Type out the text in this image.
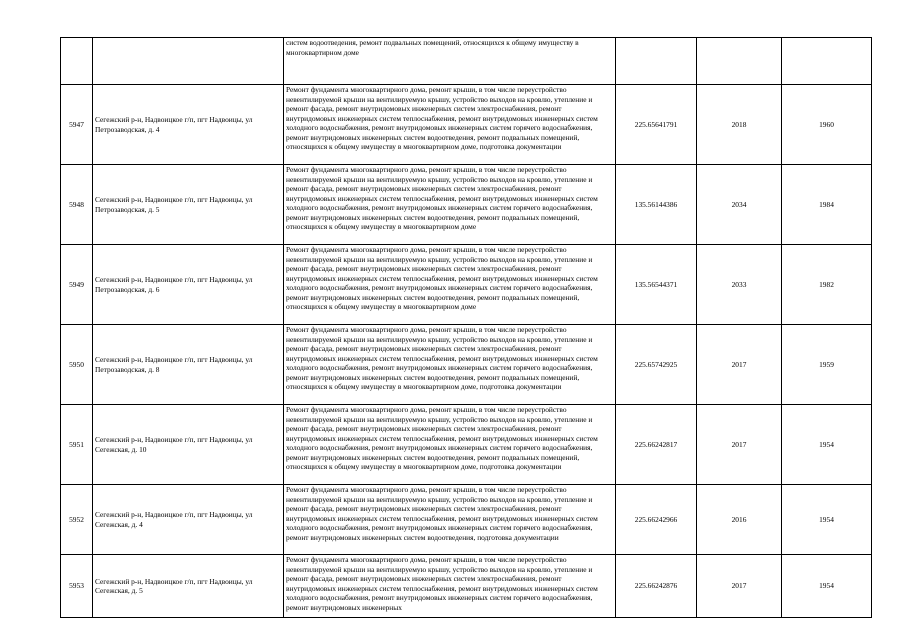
		систем водоотведения, ремонт подвальных помещений, относящихся к общему имуществу в многоквартирном доме			

5947	Сегежский р-н, Надвоицкое г/п, пгт Надвоицы, ул Петрозаводская, д. 4	Ремонт фундамента многоквартирного дома, ремонт крыши, в том числе переустройство невентилируемой крыши на вентилируемую крышу, устройство выходов на кровлю, утепление и ремонт фасада, ремонт внутридомовых инженерных систем электроснабжения, ремонт внутридомовых инженерных систем теплоснабжения, ремонт внутридомовых инженерных систем холодного водоснабжения, ремонт внутридомовых инженерных систем горячего водоснабжения, ремонт внутридомовых инженерных систем водоотведения, ремонт подвальных помещений, относящихся к общему имуществу в многоквартирном доме, подготовка документации	225.65641791	2018	1960
5948	Сегежский р-н, Надвоицкое г/п, пгт Надвоицы, ул Петрозаводская, д. 5	Ремонт фундамента многоквартирного дома, ремонт крыши, в том числе переустройство невентилируемой крыши на вентилируемую крышу, устройство выходов на кровлю, утепление и ремонт фасада, ремонт внутридомовых инженерных систем электроснабжения, ремонт внутридомовых инженерных систем теплоснабжения, ремонт внутридомовых инженерных систем холодного водоснабжения, ремонт внутридомовых инженерных систем горячего водоснабжения, ремонт внутридомовых инженерных систем водоотведения, ремонт подвальных помещений, относящихся к общему имуществу в многоквартирном доме	135.56144386	2034	1984
5949	Сегежский р-н, Надвоицкое г/п, пгт Надвоицы, ул Петрозаводская, д. 6	Ремонт фундамента многоквартирного дома, ремонт крыши, в том числе переустройство невентилируемой крыши на вентилируемую крышу, устройство выходов на кровлю, утепление и ремонт фасада, ремонт внутридомовых инженерных систем электроснабжения, ремонт внутридомовых инженерных систем теплоснабжения, ремонт внутридомовых инженерных систем холодного водоснабжения, ремонт внутридомовых инженерных систем горячего водоснабжения, ремонт внутридомовых инженерных систем водоотведения, ремонт подвальных помещений, относящихся к общему имуществу в многоквартирном доме	135.56544371	2033	1982
5950	Сегежский р-н, Надвоицкое г/п, пгт Надвоицы, ул Петрозаводская, д. 8	Ремонт фундамента многоквартирного дома, ремонт крыши, в том числе переустройство невентилируемой крыши на вентилируемую крышу, устройство выходов на кровлю, утепление и ремонт фасада, ремонт внутридомовых инженерных систем электроснабжения, ремонт внутридомовых инженерных систем теплоснабжения, ремонт внутридомовых инженерных систем холодного водоснабжения, ремонт внутридомовых инженерных систем горячего водоснабжения, ремонт внутридомовых инженерных систем водоотведения, ремонт подвальных помещений, относящихся к общему имуществу в многоквартирном доме, подготовка документации	225.65742925	2017	1959
5951	Сегежский р-н, Надвоицкое г/п, пгт Надвоицы, ул Сегежская, д. 10	Ремонт фундамента многоквартирного дома, ремонт крыши, в том числе переустройство невентилируемой крыши на вентилируемую крышу, устройство выходов на кровлю, утепление и ремонт фасада, ремонт внутридомовых инженерных систем электроснабжения, ремонт внутридомовых инженерных систем теплоснабжения, ремонт внутридомовых инженерных систем холодного водоснабжения, ремонт внутридомовых инженерных систем горячего водоснабжения, ремонт внутридомовых инженерных систем водоотведения, ремонт подвальных помещений, относящихся к общему имуществу в многоквартирном доме, подготовка документации	225.66242817	2017	1954
5952	Сегежский р-н, Надвоицкое г/п, пгт Надвоицы, ул Сегежская, д. 4	Ремонт фундамента многоквартирного дома, ремонт крыши, в том числе переустройство невентилируемой крыши на вентилируемую крышу, устройство выходов на кровлю, утепление и ремонт фасада, ремонт внутридомовых инженерных систем электроснабжения, ремонт внутридомовых инженерных систем теплоснабжения, ремонт внутридомовых инженерных систем холодного водоснабжения, ремонт внутридомовых инженерных систем горячего водоснабжения, ремонт внутридомовых инженерных систем водоотведения, подготовка документации	225.66242966	2016	1954
5953	Сегежский р-н, Надвоицкое г/п, пгт Надвоицы, ул Сегежская, д. 5	Ремонт фундамента многоквартирного дома, ремонт крыши, в том числе переустройство невентилируемой крыши на вентилируемую крышу, устройство выходов на кровлю, утепление и ремонт фасада, ремонт внутридомовых инженерных систем электроснабжения, ремонт внутридомовых инженерных систем теплоснабжения, ремонт внутридомовых инженерных систем холодного водоснабжения, ремонт внутридомовых инженерных систем горячего водоснабжения, ремонт внутридомовых инженерных	225.66242876	2017	1954
